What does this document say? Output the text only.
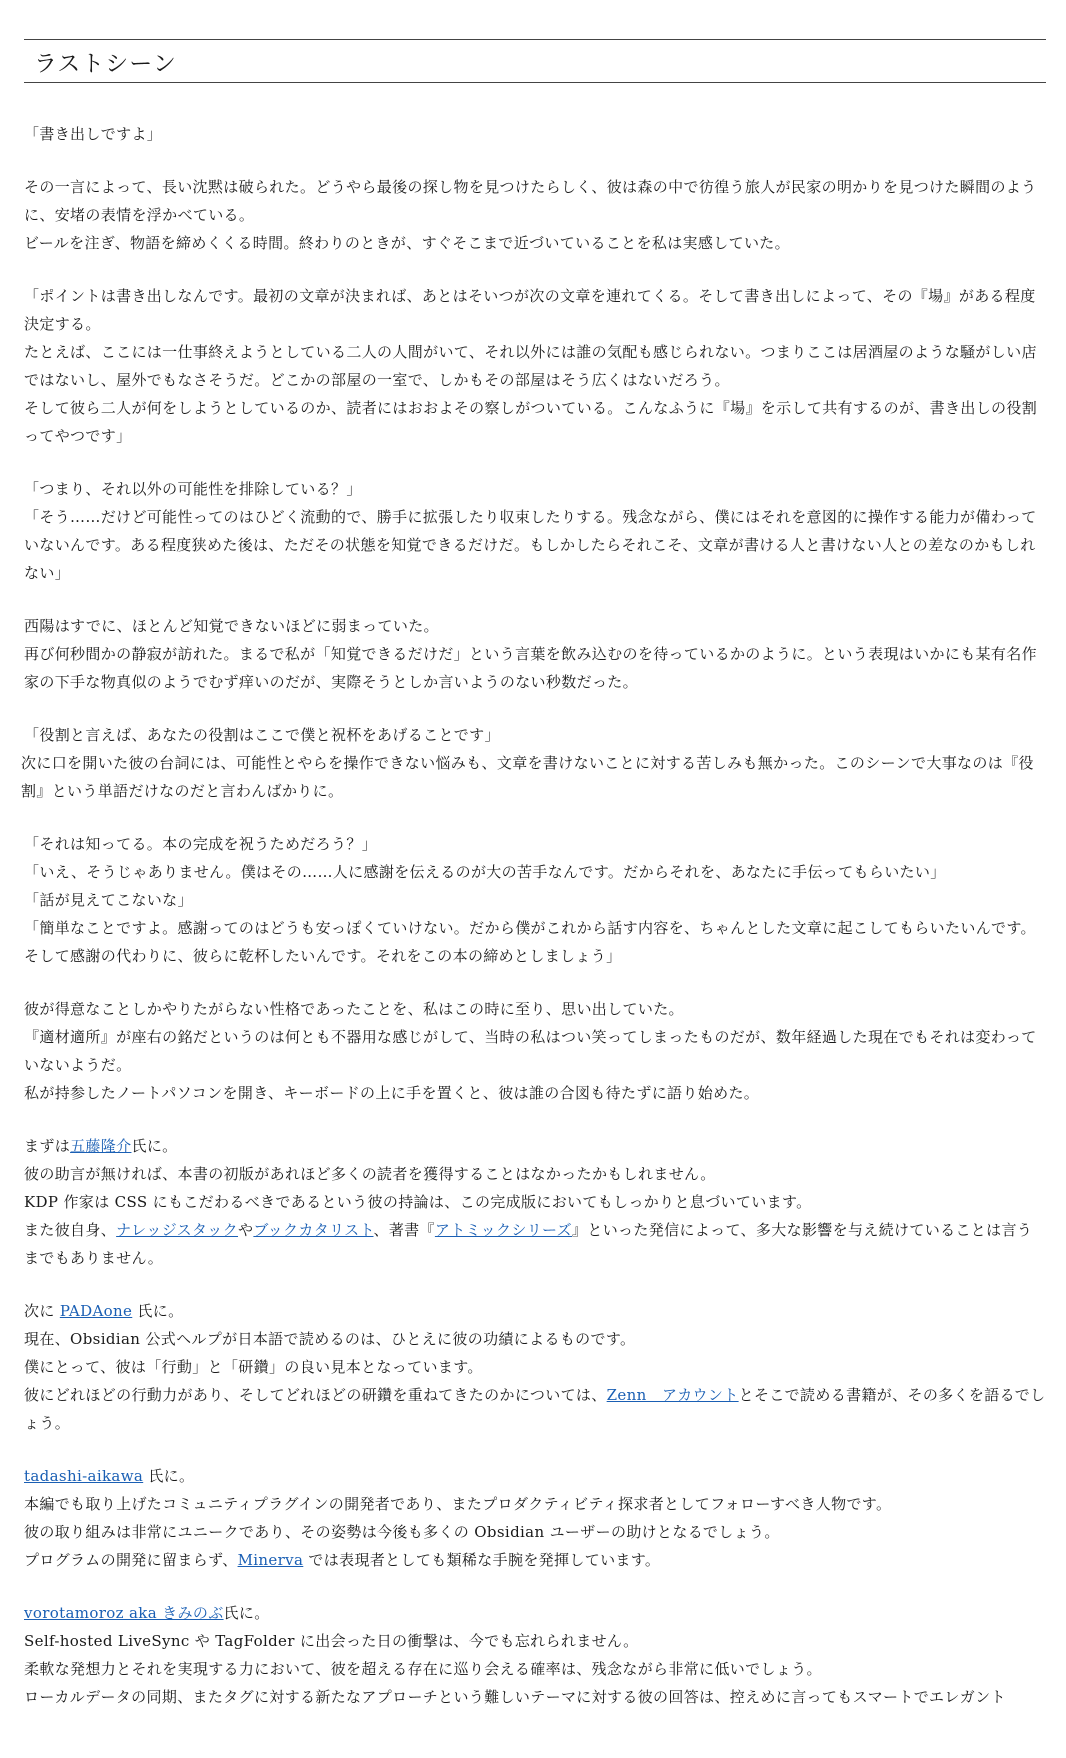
ラストシーン

「書き出しですよ」

その一言によって、長い沈黙は破られた。どうやら最後の探し物を見つけたらしく、彼は森の中で彷徨う旅人が民家の明かりを見つけた瞬間のように、安堵の表情を浮かべている。
ビールを注ぎ、物語を締めくくる時間。終わりのときが、すぐそこまで近づいていることを私は実感していた。

「ポイントは書き出しなんです。最初の文章が決まれば、あとはそいつが次の文章を連れてくる。そして書き出しによって、その『場』がある程度決定する。
たとえば、ここには一仕事終えようとしている二人の人間がいて、それ以外には誰の気配も感じられない。つまりここは居酒屋のような騒がしい店ではないし、屋外でもなさそうだ。どこかの部屋の一室で、しかもその部屋はそう広くはないだろう。
そして彼ら二人が何をしようとしているのか、読者にはおおよその察しがついている。こんなふうに『場』を示して共有するのが、書き出しの役割ってやつです」

「つまり、それ以外の可能性を排除している？」
「そう……だけど可能性ってのはひどく流動的で、勝手に拡張したり収束したりする。残念ながら、僕にはそれを意図的に操作する能力が備わっていないんです。ある程度狭めた後は、ただその状態を知覚できるだけだ。もしかしたらそれこそ、文章が書ける人と書けない人との差なのかもしれない」

西陽はすでに、ほとんど知覚できないほどに弱まっていた。
再び何秒間かの静寂が訪れた。まるで私が「知覚できるだけだ」という言葉を飲み込むのを待っているかのように。という表現はいかにも某有名作家の下手な物真似のようでむず痒いのだが、実際そうとしか言いようのない秒数だった。

「役割と言えば、あなたの役割はここで僕と祝杯をあげることです」
次に口を開いた彼の台詞には、可能性とやらを操作できない悩みも、文章を書けないことに対する苦しみも無かった。このシーンで大事なのは『役割』という単語だけなのだと言わんばかりに。

「それは知ってる。本の完成を祝うためだろう？」
「いえ、そうじゃありません。僕はその……人に感謝を伝えるのが大の苦手なんです。だからそれを、あなたに手伝ってもらいたい」
「話が見えてこないな」
「簡単なことですよ。感謝ってのはどうも安っぽくていけない。だから僕がこれから話す内容を、ちゃんとした文章に起こしてもらいたいんです。そして感謝の代わりに、彼らに乾杯したいんです。それをこの本の締めとしましょう」

彼が得意なことしかやりたがらない性格であったことを、私はこの時に至り、思い出していた。
『適材適所』が座右の銘だというのは何とも不器用な感じがして、当時の私はつい笑ってしまったものだが、数年経過した現在でもそれは変わっていないようだ。
私が持参したノートパソコンを開き、キーボードの上に手を置くと、彼は誰の合図も待たずに語り始めた。

まずは五藤隆介氏に。
彼の助言が無ければ、本書の初版があれほど多くの読者を獲得することはなかったかもしれません。
KDP 作家は CSS にもこだわるべきであるという彼の持論は、この完成版においてもしっかりと息づいています。
また彼自身、ナレッジスタックやブックカタリスト、著書『アトミックシリーズ』といった発信によって、多大な影響を与え続けていることは言うまでもありません。

次に PADAone 氏に。
現在、Obsidian 公式ヘルプが日本語で読めるのは、ひとえに彼の功績によるものです。
僕にとって、彼は「行動」と「研鑽」の良い見本となっています。
彼にどれほどの行動力があり、そしてどれほどの研鑽を重ねてきたのかについては、Zenn　アカウントとそこで読める書籍が、その多くを語るでしょう。

tadashi-aikawa 氏に。
本編でも取り上げたコミュニティプラグインの開発者であり、またプロダクティビティ探求者としてフォローすべき人物です。
彼の取り組みは非常にユニークであり、その姿勢は今後も多くの Obsidian ユーザーの助けとなるでしょう。
プログラムの開発に留まらず、Minerva では表現者としても類稀な手腕を発揮しています。

vorotamoroz aka きみのぶ氏に。
Self-hosted LiveSync や TagFolder に出会った日の衝撃は、今でも忘れられません。
柔軟な発想力とそれを実現する力において、彼を超える存在に巡り会える確率は、残念ながら非常に低いでしょう。
ローカルデータの同期、またタグに対する新たなアプローチという難しいテーマに対する彼の回答は、控えめに言ってもスマートでエレガント
